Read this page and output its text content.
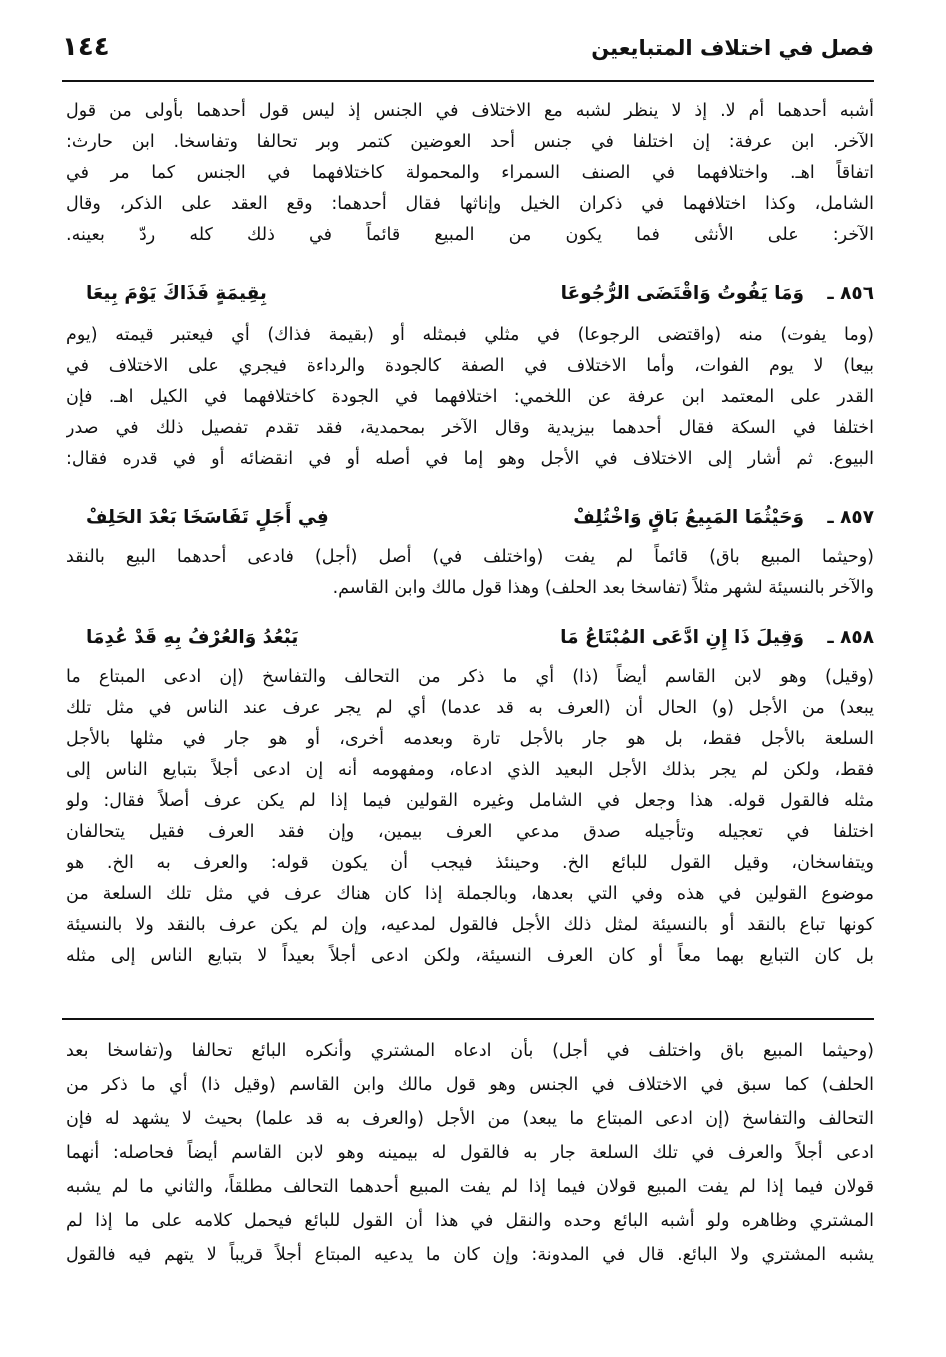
فصل في اختلاف المتبايعين
١٤٤
أشبه أحدهما أم لا. إذ لا ينظر لشبه مع الاختلاف في الجنس إذ ليس قول أحدهما بأولى من قول
الآخر. ابن عرفة: إن اختلفا في جنس أحد العوضين كتمر وبر تحالفا وتفاسخا. ابن حارث:
اتفاقاً اهـ. واختلافهما في الصنف السمراء والمحمولة كاختلافهما في الجنس كما مر في
الشامل، وكذا اختلافهما في ذكران الخيل وإناثها فقال أحدهما: وقع العقد على الذكر، وقال
الآخر: على الأنثى فما يكون من المبيع قائماً في ذلك كله ردّ بعينه.
٨٥٦ ـ
وَمَا يَفُوتُ وَاقْتَضَى الرُّجُوعَا
بِقِيمَةٍ فَذَاكَ يَوْمَ بِيعَا
(وما يفوت) منه (واقتضى الرجوعا) في مثلي فبمثله أو (بقيمة فذاك) أي فيعتبر قيمته (يوم
بيعا) لا يوم الفوات، وأما الاختلاف في الصفة كالجودة والرداءة فيجري على الاختلاف في
القدر على المعتمد ابن عرفة عن اللخمي: اختلافهما في الجودة كاختلافهما في الكيل اهـ. فإن
اختلفا في السكة فقال أحدهما بيزيدية وقال الآخر بمحمدية، فقد تقدم تفصيل ذلك في صدر
البيوع. ثم أشار إلى الاختلاف في الأجل وهو إما في أصله أو في انقضائه أو في قدره فقال:
٨٥٧ ـ
وَحَيْثُمَا المَبِيعُ بَاقٍ وَاخْتُلِفْ
فِي أَجَلٍ تَفَاسَخَا بَعْدَ الحَلِفْ
(وحيثما المبيع باق) قائماً لم يفت (واختلف في) أصل (أجل) فادعى أحدهما البيع بالنقد
والآخر بالنسيئة لشهر مثلاً (تفاسخا بعد الحلف) وهذا قول مالك وابن القاسم.
٨٥٨ ـ
وَقِيلَ ذَا إِنِ ادَّعَى المُبْتَاعُ مَا
يَبْعُدُ وَالعُرْفُ بِهِ قَدْ عُدِمَا
(وقيل) وهو لابن القاسم أيضاً (ذا) أي ما ذكر من التحالف والتفاسخ (إن ادعى المبتاع ما
يبعد) من الأجل (و) الحال أن (العرف به قد عدما) أي لم يجر عرف عند الناس في مثل تلك
السلعة بالأجل فقط، بل هو جار بالأجل تارة وبعدمه أخرى، أو هو جار في مثلها بالأجل
فقط، ولكن لم يجر بذلك الأجل البعيد الذي ادعاه، ومفهومه أنه إن ادعى أجلاً بتبايع الناس إلى
مثله فالقول قوله. هذا وجعل في الشامل وغيره القولين فيما إذا لم يكن عرف أصلاً فقال: ولو
اختلفا في تعجيله وتأجيله صدق مدعي العرف بيمين، وإن فقد العرف فقيل يتحالفان
ويتفاسخان، وقيل القول للبائع الخ. وحينئذ فيجب أن يكون قوله: والعرف به الخ. هو
موضوع القولين في هذه وفي التي بعدها، وبالجملة إذا كان هناك عرف في مثل تلك السلعة من
كونها تباع بالنقد أو بالنسيئة لمثل ذلك الأجل فالقول لمدعيه، وإن لم يكن عرف بالنقد ولا بالنسيئة
بل كان التبايع بهما معاً أو كان العرف النسيئة، ولكن ادعى أجلاً بعيداً لا بتبايع الناس إلى مثله
(وحيثما المبيع باق واختلف في أجل) بأن ادعاه المشتري وأنكره البائع تحالفا و(تفاسخا بعد
الحلف) كما سبق في الاختلاف في الجنس وهو قول مالك وابن القاسم (وقيل ذا) أي ما ذكر من
التحالف والتفاسخ (إن ادعى المبتاع ما يبعد) من الأجل (والعرف به قد علما) بحيث لا يشهد له فإن
ادعى أجلاً والعرف في تلك السلعة جار به فالقول له بيمينه وهو لابن القاسم أيضاً فحاصله: أنهما
قولان فيما إذا لم يفت المبيع قولان فيما إذا لم يفت المبيع أحدهما التحالف مطلقاً، والثاني ما لم يشبه
المشتري وظاهره ولو أشبه البائع وحده والنقل في هذا أن القول للبائع فيحمل كلامه على ما إذا لم
يشبه المشتري ولا البائع. قال في المدونة: وإن كان ما يدعيه المبتاع أجلاً قريباً لا يتهم فيه فالقول
